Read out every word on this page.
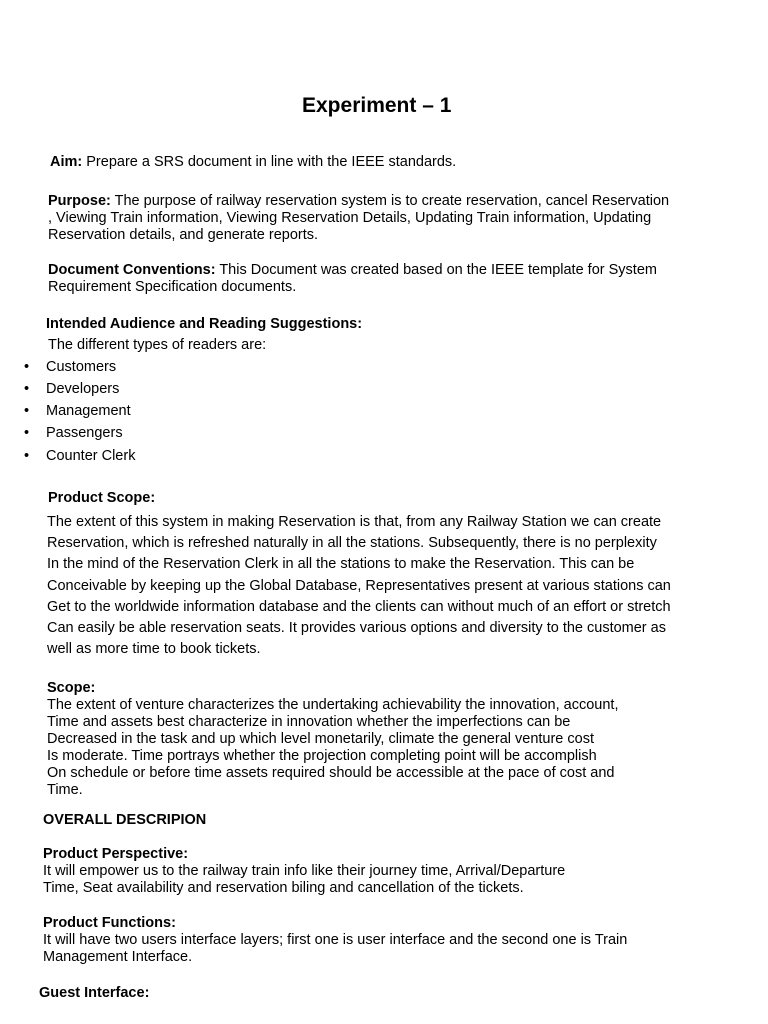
Experiment – 1

Aim: Prepare a SRS document in line with the IEEE standards.

Purpose: The purpose of railway reservation system is to create reservation, cancel Reservation
, Viewing Train information, Viewing Reservation Details, Updating Train information, Updating
Reservation details, and generate reports.
Document Conventions: This Document was created based on the IEEE template for System
Requirement Specification documents.
Intended Audience and Reading Suggestions:
The different types of readers are:
• Customers
• Developers
• Management
• Passengers
• Counter Clerk
Product Scope:
The extent of this system in making Reservation is that, from any Railway Station we can create
Reservation, which is refreshed naturally in all the stations. Subsequently, there is no perplexity
In the mind of the Reservation Clerk in all the stations to make the Reservation. This can be
Conceivable by keeping up the Global Database, Representatives present at various stations can
Get to the worldwide information database and the clients can without much of an effort or stretch
Can easily be able reservation seats. It provides various options and diversity to the customer as
well as more time to book tickets.
Scope:
The extent of venture characterizes the undertaking achievability the innovation, account,
Time and assets best characterize in innovation whether the imperfections can be
Decreased in the task and up which level monetarily, climate the general venture cost
Is moderate. Time portrays whether the projection completing point will be accomplish
On schedule or before time assets required should be accessible at the pace of cost and
Time.
OVERALL DESCRIPION
Product Perspective:
It will empower us to the railway train info like their journey time, Arrival/Departure
Time, Seat availability and reservation biling and cancellation of the tickets.
Product Functions:
It will have two users interface layers; first one is user interface and the second one is Train
Management Interface.
Guest Interface:
